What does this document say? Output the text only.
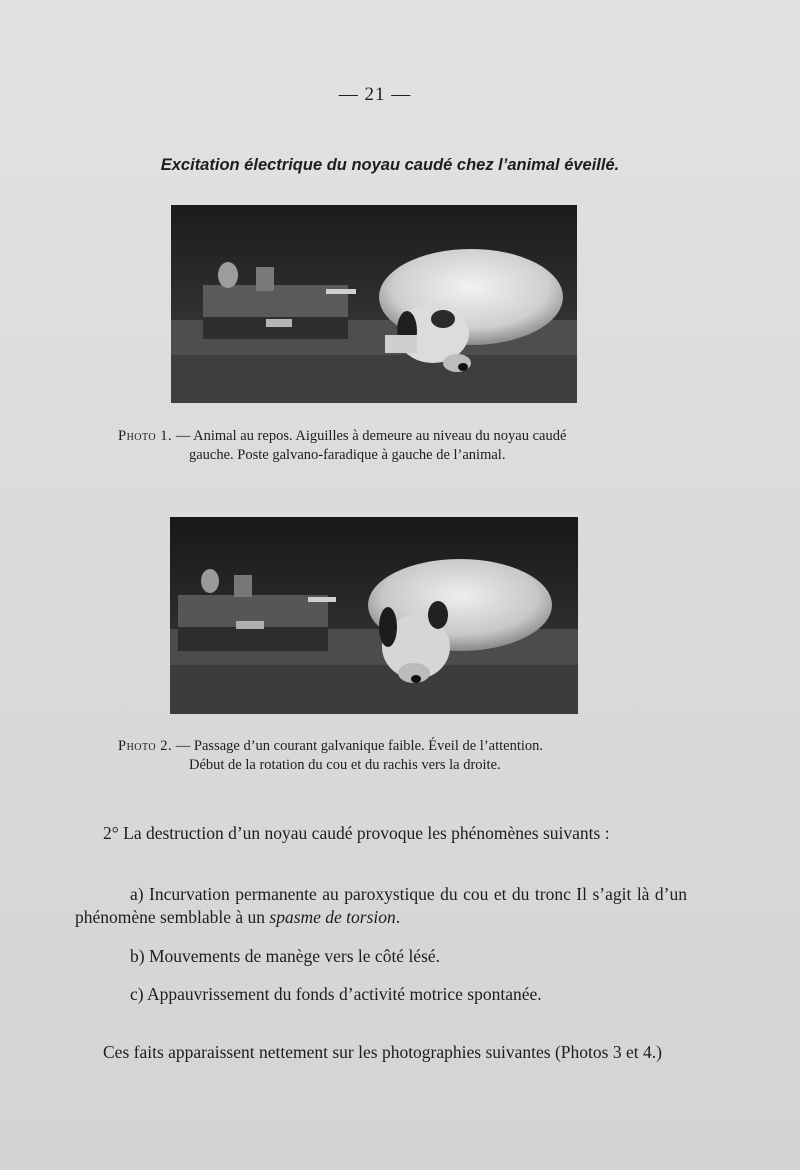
— 21 —
Excitation électrique du noyau caudé chez l’animal éveillé.
Photo 1. — Animal au repos. Aiguilles à demeure au niveau du noyau caudé
gauche. Poste galvano-faradique à gauche de l’animal.
Photo 2. — Passage d’un courant galvanique faible. Éveil de l’attention.
Début de la rotation du cou et du rachis vers la droite.
2° La destruction d’un noyau caudé provoque les phénomènes suivants :
a) Incurvation permanente au paroxystique du cou et du tronc Il s’agit là d’un phénomène semblable à un spasme de torsion.
b) Mouvements de manège vers le côté lésé.
c) Appauvrissement du fonds d’activité motrice spontanée.
Ces faits apparaissent nettement sur les photographies suivantes (Photos 3 et 4.)
